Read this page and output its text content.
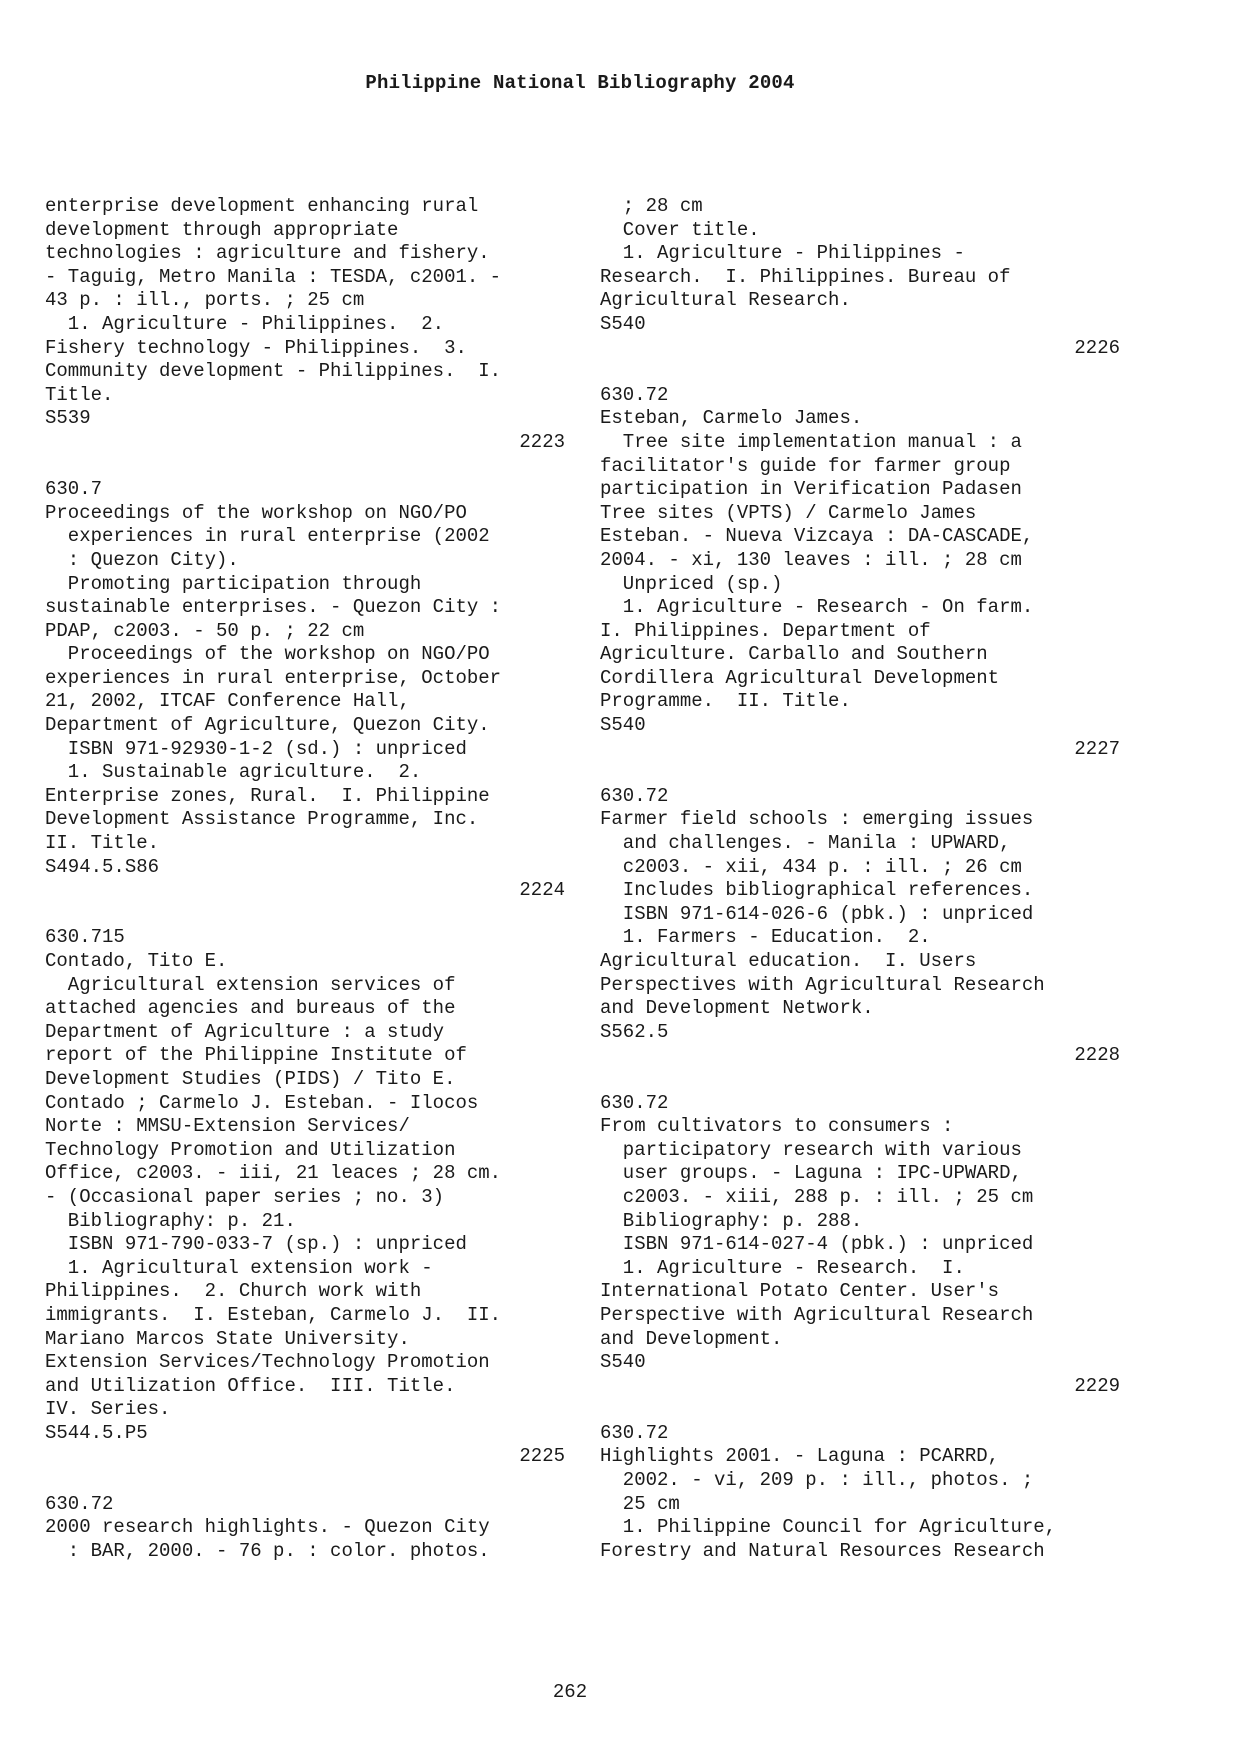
Philippine National Bibliography 2004
enterprise development enhancing rural
development through appropriate
technologies : agriculture and fishery.
- Taguig, Metro Manila : TESDA, c2001. -
43 p. : ill., ports. ; 25 cm
1. Agriculture - Philippines.  2.
Fishery technology - Philippines.  3.
Community development - Philippines.  I.
Title.
S539
2223
630.7
Proceedings of the workshop on NGO/PO
experiences in rural enterprise (2002
: Quezon City).
Promoting participation through
sustainable enterprises. - Quezon City :
PDAP, c2003. - 50 p. ; 22 cm
Proceedings of the workshop on NGO/PO
experiences in rural enterprise, October
21, 2002, ITCAF Conference Hall,
Department of Agriculture, Quezon City.
ISBN 971-92930-1-2 (sd.) : unpriced
1. Sustainable agriculture.  2.
Enterprise zones, Rural.  I. Philippine
Development Assistance Programme, Inc.
II. Title.
S494.5.S86
2224
630.715
Contado, Tito E.
Agricultural extension services of
attached agencies and bureaus of the
Department of Agriculture : a study
report of the Philippine Institute of
Development Studies (PIDS) / Tito E.
Contado ; Carmelo J. Esteban. - Ilocos
Norte : MMSU-Extension Services/
Technology Promotion and Utilization
Office, c2003. - iii, 21 leaces ; 28 cm.
- (Occasional paper series ; no. 3)
Bibliography: p. 21.
ISBN 971-790-033-7 (sp.) : unpriced
1. Agricultural extension work -
Philippines.  2. Church work with
immigrants.  I. Esteban, Carmelo J.  II.
Mariano Marcos State University.
Extension Services/Technology Promotion
and Utilization Office.  III. Title.
IV. Series.
S544.5.P5
2225
630.72
2000 research highlights. - Quezon City
: BAR, 2000. - 76 p. : color. photos.
; 28 cm
Cover title.
1. Agriculture - Philippines -
Research.  I. Philippines. Bureau of
Agricultural Research.
S540
2226
630.72
Esteban, Carmelo James.
Tree site implementation manual : a
facilitator's guide for farmer group
participation in Verification Padasen
Tree sites (VPTS) / Carmelo James
Esteban. - Nueva Vizcaya : DA-CASCADE,
2004. - xi, 130 leaves : ill. ; 28 cm
Unpriced (sp.)
1. Agriculture - Research - On farm.
I. Philippines. Department of
Agriculture. Carballo and Southern
Cordillera Agricultural Development
Programme.  II. Title.
S540
2227
630.72
Farmer field schools : emerging issues
and challenges. - Manila : UPWARD,
c2003. - xii, 434 p. : ill. ; 26 cm
Includes bibliographical references.
ISBN 971-614-026-6 (pbk.) : unpriced
1. Farmers - Education.  2.
Agricultural education.  I. Users
Perspectives with Agricultural Research
and Development Network.
S562.5
2228
630.72
From cultivators to consumers :
participatory research with various
user groups. - Laguna : IPC-UPWARD,
c2003. - xiii, 288 p. : ill. ; 25 cm
Bibliography: p. 288.
ISBN 971-614-027-4 (pbk.) : unpriced
1. Agriculture - Research.  I.
International Potato Center. User's
Perspective with Agricultural Research
and Development.
S540
2229
630.72
Highlights 2001. - Laguna : PCARRD,
2002. - vi, 209 p. : ill., photos. ;
25 cm
1. Philippine Council for Agriculture,
Forestry and Natural Resources Research
262
